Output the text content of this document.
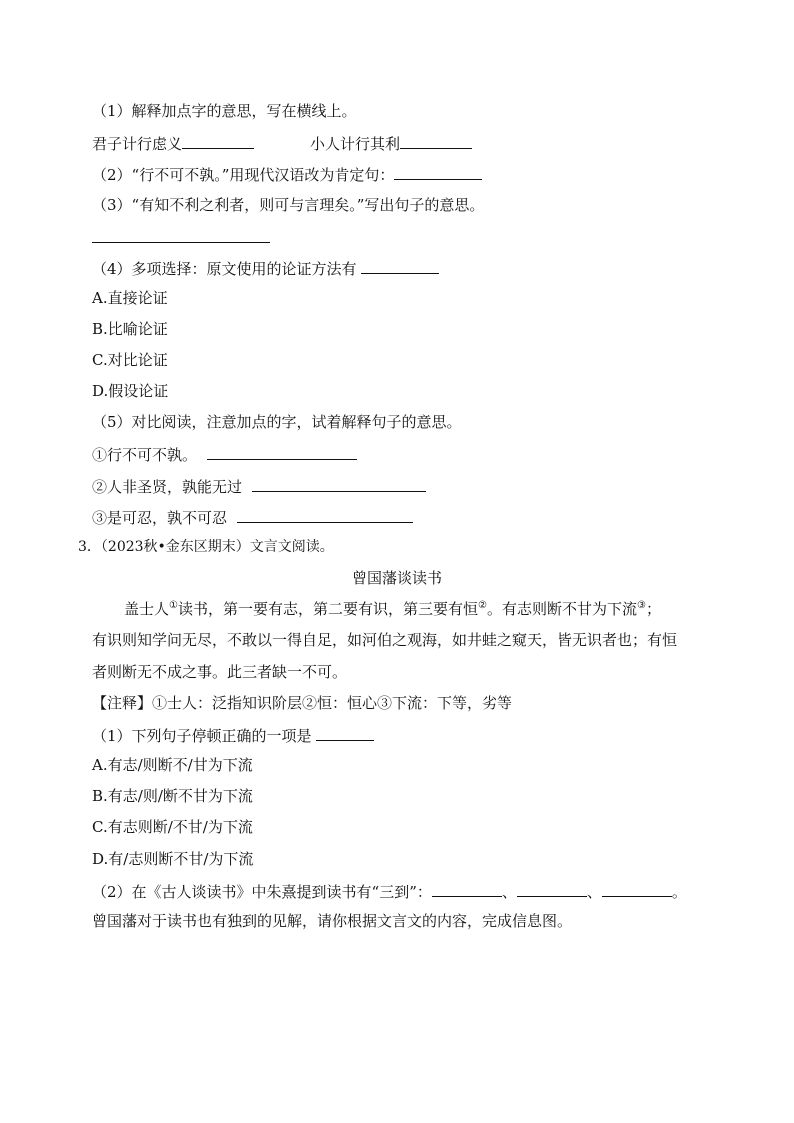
（1）解释加点字的意思，写在横线上。
君子计行虑义	小人计行其利
（2）“行不可不孰。”用现代汉语改为肯定句：
（3）“有知不利之利者，则可与言理矣。”写出句子的意思。
（4）多项选择：原文使用的论证方法有
A.直接论证
B.比喻论证
C.对比论证
D.假设论证
（5）对比阅读，注意加点的字，试着解释句子的意思。
①行不可不孰。
②人非圣贤，孰能无过
③是可忍，孰不可忍
3．（2023秋•金东区期末）文言文阅读。
曾国藩谈读书
盖士人①读书，第一要有志，第二要有识，第三要有恒②。有志则断不甘为下流③；
有识则知学问无尽，不敢以一得自足，如河伯之观海，如井蛙之窥天，皆无识者也；有恒
者则断无不成之事。此三者缺一不可。
【注释】①士人：泛指知识阶层②恒：恒心③下流：下等，劣等
（1）下列句子停顿正确的一项是
A.有志/则断不/甘为下流
B.有志/则/断不甘为下流
C.有志则断/不甘/为下流
D.有/志则断不甘/为下流
（2）在《古人谈读书》中朱熹提到读书有“三到”：	、	、	。
曾国藩对于读书也有独到的见解，请你根据文言文的内容，完成信息图。
